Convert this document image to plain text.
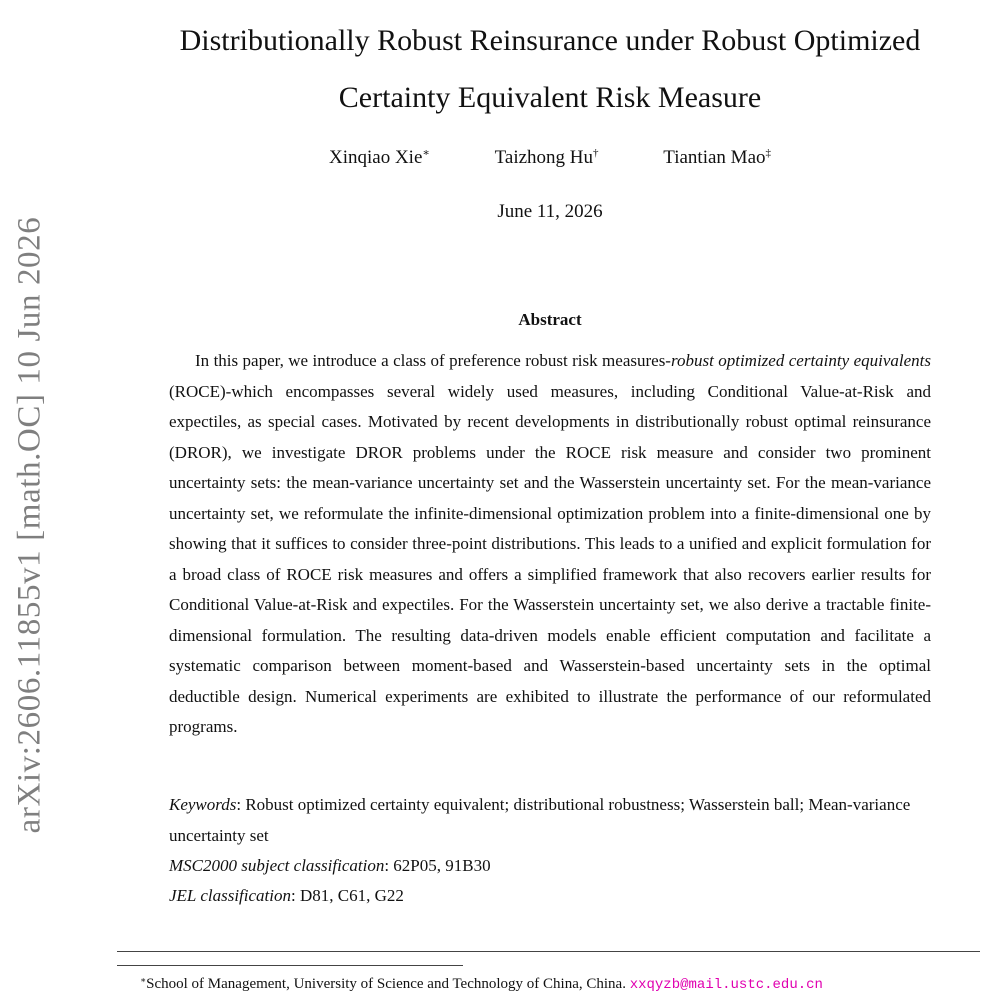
arXiv:2606.11855v1 [math.OC] 10 Jun 2026
Distributionally Robust Reinsurance under Robust Optimized
Certainty Equivalent Risk Measure
Xinqiao Xie∗	Taizhong Hu†	Tiantian Mao‡
June 11, 2026
Abstract
In this paper, we introduce a class of preference robust risk measures-robust optimized certainty equivalents (ROCE)-which encompasses several widely used measures, including Conditional Value-at-Risk and expectiles, as special cases. Motivated by recent developments in distributionally robust optimal reinsurance (DROR), we investigate DROR problems under the ROCE risk measure and consider two prominent uncertainty sets: the mean-variance uncertainty set and the Wasserstein uncertainty set. For the mean-variance uncertainty set, we reformulate the infinite-dimensional optimization problem into a finite-dimensional one by showing that it suffices to consider three-point distributions. This leads to a unified and explicit formulation for a broad class of ROCE risk measures and offers a simplified framework that also recovers earlier results for Conditional Value-at-Risk and expectiles. For the Wasserstein uncertainty set, we also derive a tractable finite-dimensional formulation. The resulting data-driven models enable efficient computation and facilitate a systematic comparison between moment-based and Wasserstein-based uncertainty sets in the optimal deductible design. Numerical experiments are exhibited to illustrate the performance of our reformulated programs.
Keywords: Robust optimized certainty equivalent; distributional robustness; Wasserstein ball; Mean-variance uncertainty set
MSC2000 subject classification: 62P05, 91B30
JEL classification: D81, C61, G22
∗School of Management, University of Science and Technology of China, China. xxqyzb@mail.ustc.edu.cn
